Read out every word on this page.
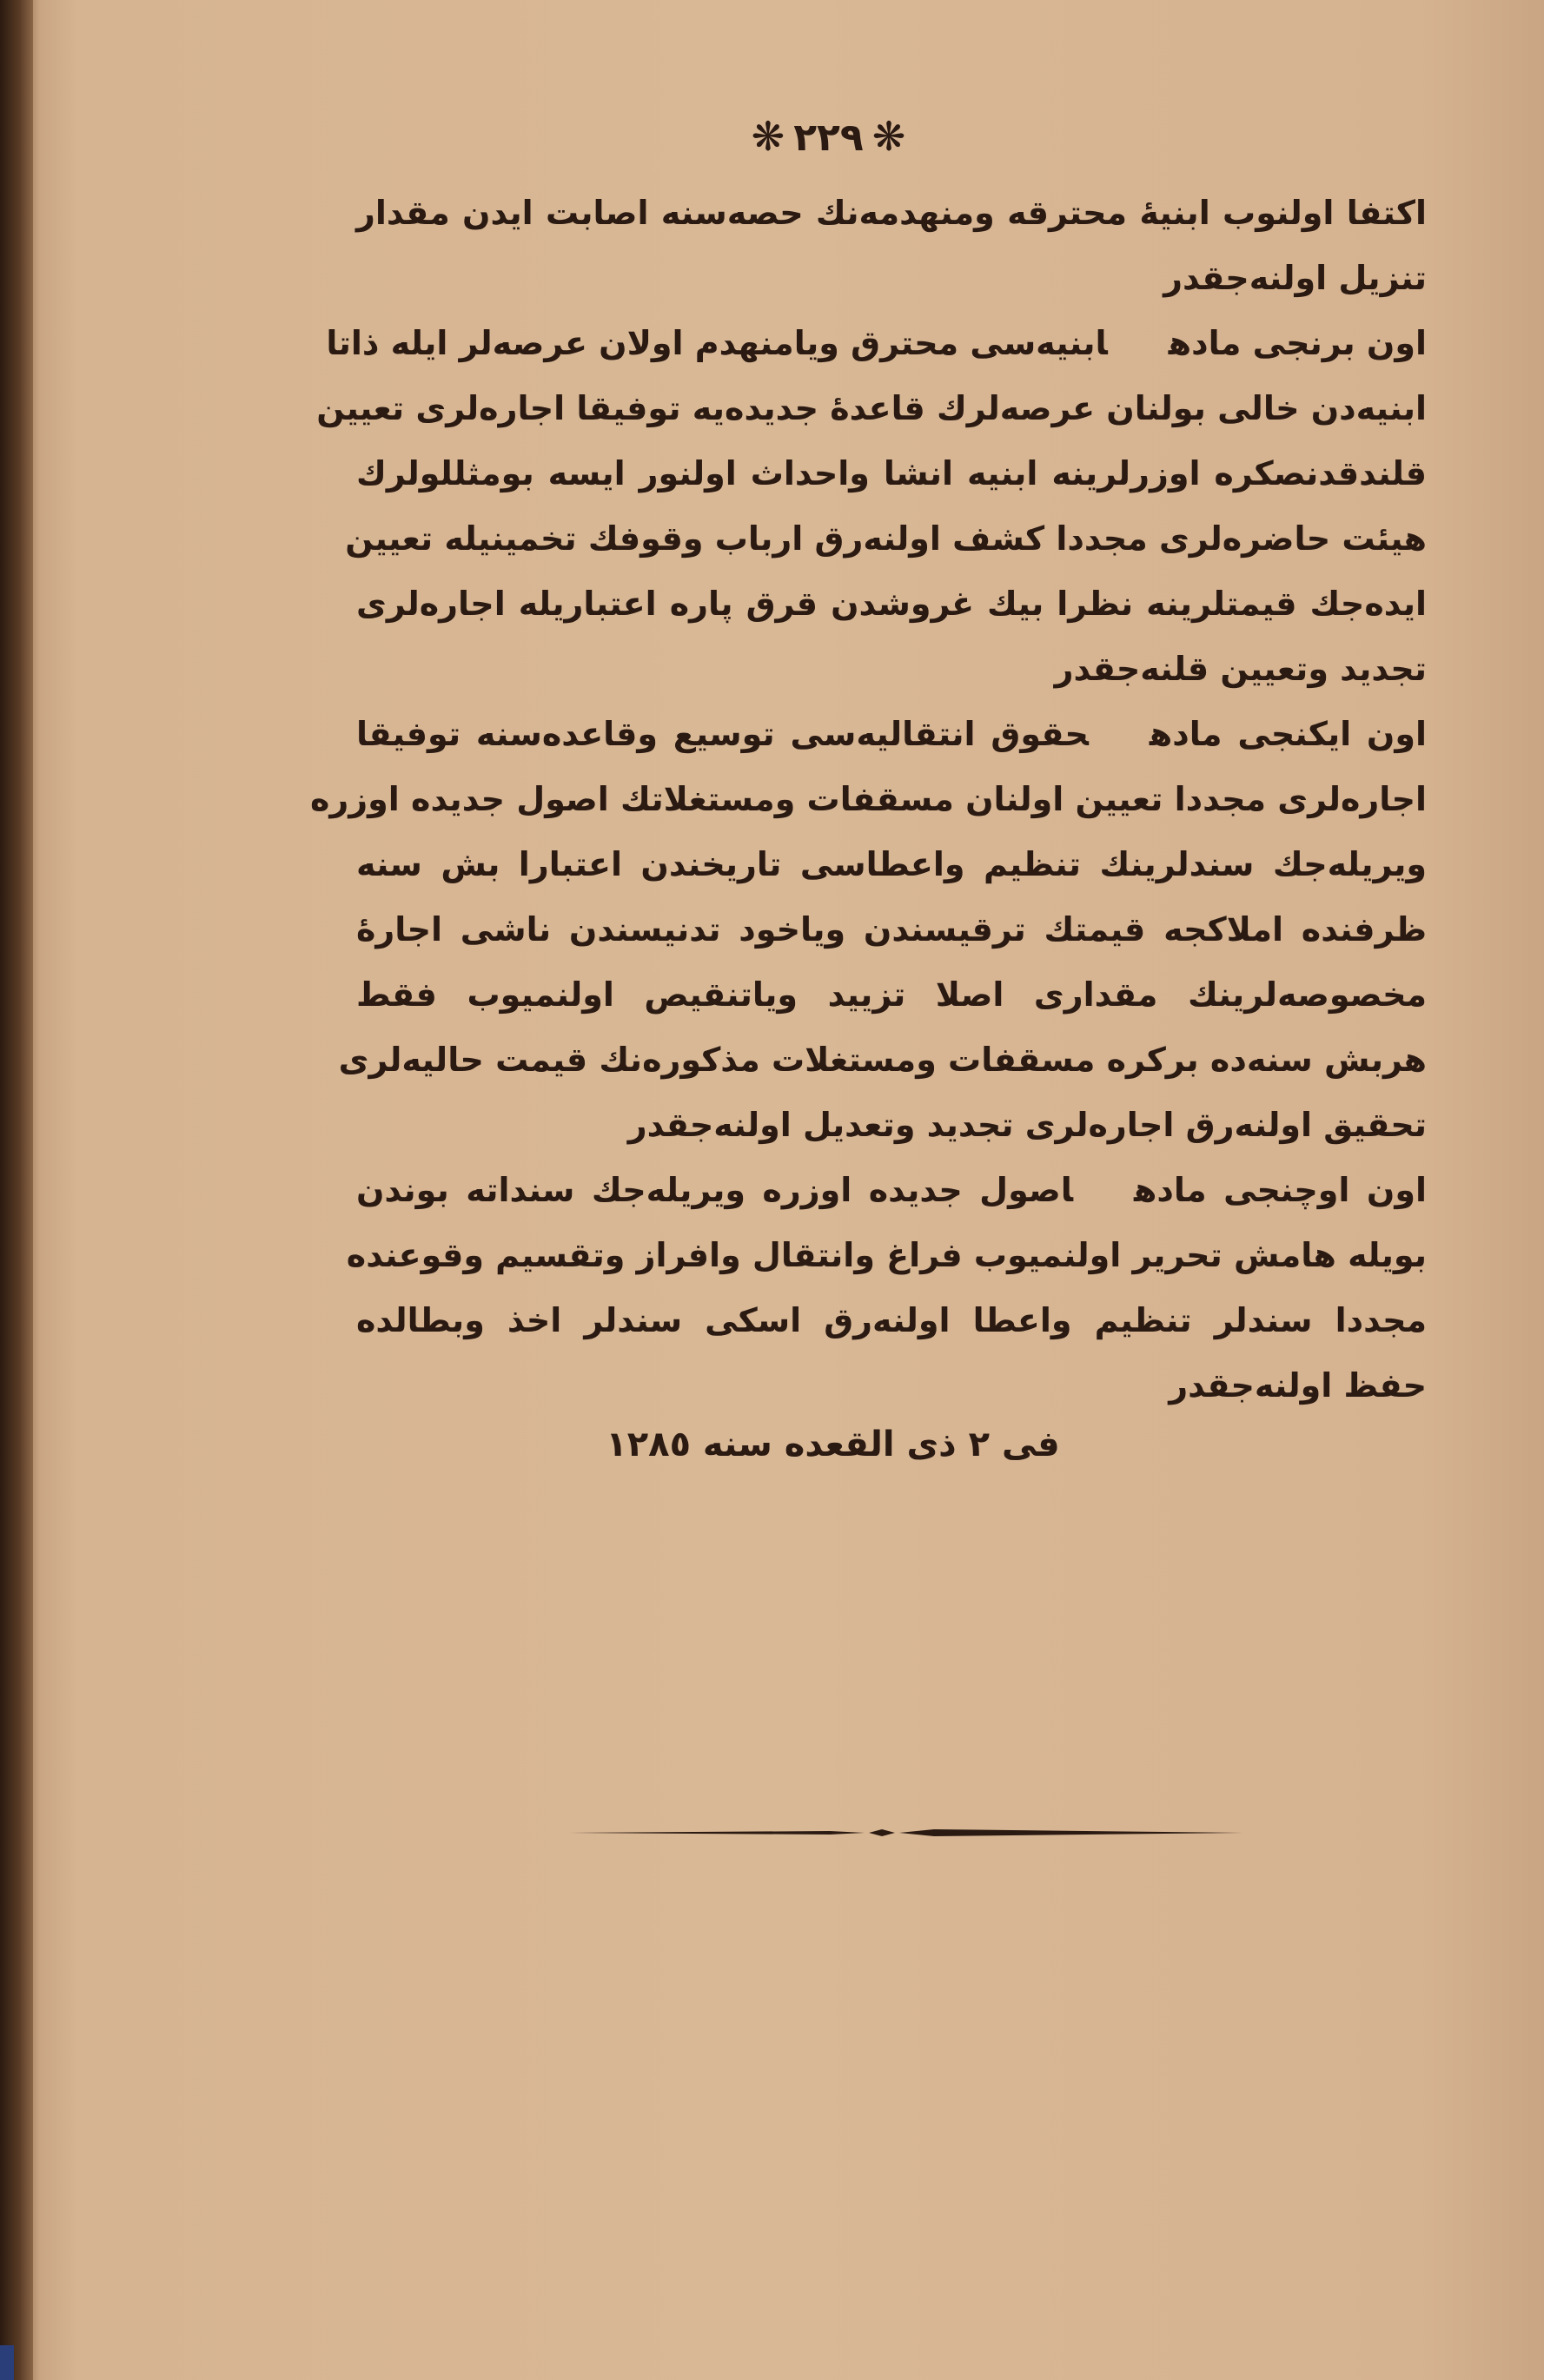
❋ ٢٢٩ ❋
اكتفا اولنوب ابنیهٔ محترقه ومنهدمه‌نك حصه‌سنه اصابت ایدن مقدار
تنزیل اولنه‌جقدر
اون برنجی مادهابنیه‌سی محترق ویامنهدم اولان عرصه‌لر ایله ذاتا
ابنیه‌دن خالی بولنان عرصه‌لرك قاعدهٔ جدیده‌یه توفیقا اجاره‌لری تعیین
قلندقدنصكره اوزرلرینه ابنیه انشا واحداث اولنور ایسه بومثللولرك
هیئت حاضره‌لری مجددا كشف اولنه‌رق ارباب وقوفك تخمینیله تعیین
ایده‌جك قیمتلرینه نظرا بیك غروشدن قرق پاره اعتباریله اجاره‌لری
تجدید وتعیین قلنه‌جقدر
اون ایكنجی مادهحقوق انتقالیه‌سی توسیع وقاعده‌سنه توفیقا
اجاره‌لری مجددا تعیین اولنان مسقفات ومستغلاتك اصول جدیده اوزره
ویریله‌جك سندلرینك تنظیم واعطاسی تاریخندن اعتبارا بش سنه
ظرفنده املاكجه قیمتك ترقیسندن ویاخود تدنیسندن ناشی اجارهٔ
مخصوصه‌لرینك مقداری اصلا تزیید ویاتنقیص اولنمیوب فقط
هربش سنه‌ده بركره مسقفات ومستغلات مذكوره‌نك قیمت حالیه‌لری
تحقیق اولنه‌رق اجاره‌لری تجدید وتعدیل اولنه‌جقدر
اون اوچنجی مادهاصول جدیده اوزره ویریله‌جك سنداته بوندن
بویله هامش تحریر اولنمیوب فراغ وانتقال وافراز وتقسیم وقوعنده
مجددا سندلر تنظیم واعطا اولنه‌رق اسكی سندلر اخذ وبطالده
حفظ اولنه‌جقدر
فی ٢ ذی القعده سنه ١٢٨٥
